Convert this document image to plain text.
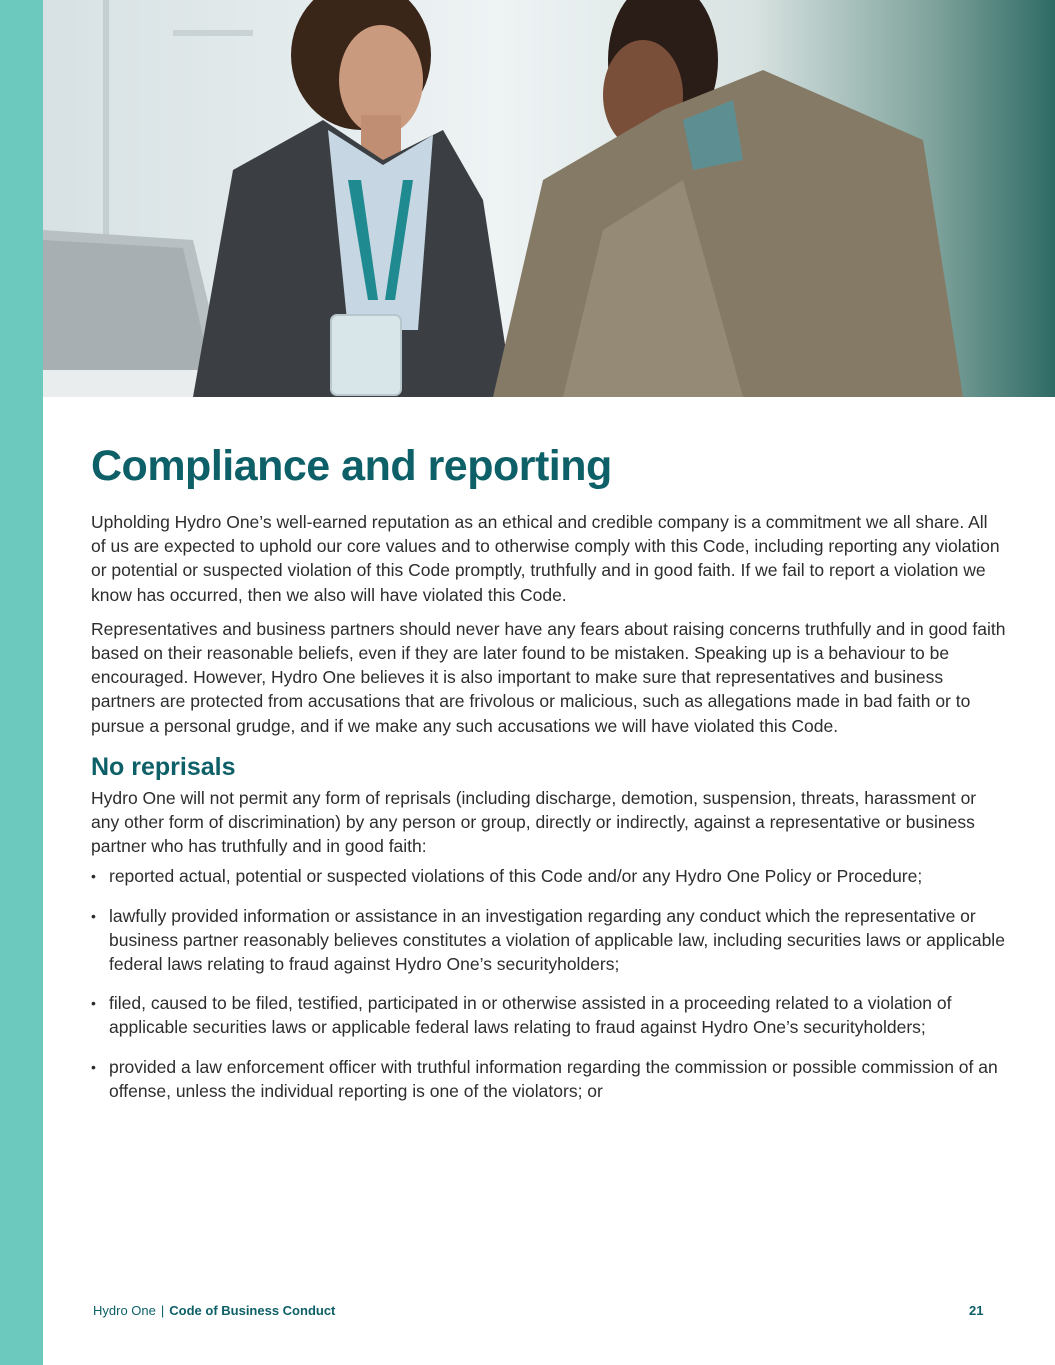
Compliance and reporting

Upholding Hydro One’s well-earned reputation as an ethical and credible company is a commitment we all share. All of us are expected to uphold our core values and to otherwise comply with this Code, including reporting any violation or potential or suspected violation of this Code promptly, truthfully and in good faith. If we fail to report a violation we know has occurred, then we also will have violated this Code.

Representatives and business partners should never have any fears about raising concerns truthfully and in good faith based on their reasonable beliefs, even if they are later found to be mistaken. Speaking up is a behaviour to be encouraged. However, Hydro One believes it is also important to make sure that representatives and business partners are protected from accusations that are frivolous or malicious, such as allegations made in bad faith or to pursue a personal grudge, and if we make any such accusations we will have violated this Code.

No reprisals

Hydro One will not permit any form of reprisals (including discharge, demotion, suspension, threats, harassment or any other form of discrimination) by any person or group, directly or indirectly, against a representative or business partner who has truthfully and in good faith:

• reported actual, potential or suspected violations of this Code and/or any Hydro One Policy or Procedure;
• lawfully provided information or assistance in an investigation regarding any conduct which the representative or business partner reasonably believes constitutes a violation of applicable law, including securities laws or applicable federal laws relating to fraud against Hydro One’s securityholders;
• filed, caused to be filed, testified, participated in or otherwise assisted in a proceeding related to a violation of applicable securities laws or applicable federal laws relating to fraud against Hydro One’s securityholders;
• provided a law enforcement officer with truthful information regarding the commission or possible commission of an offense, unless the individual reporting is one of the violators; or
Hydro One | Code of Business Conduct	21
